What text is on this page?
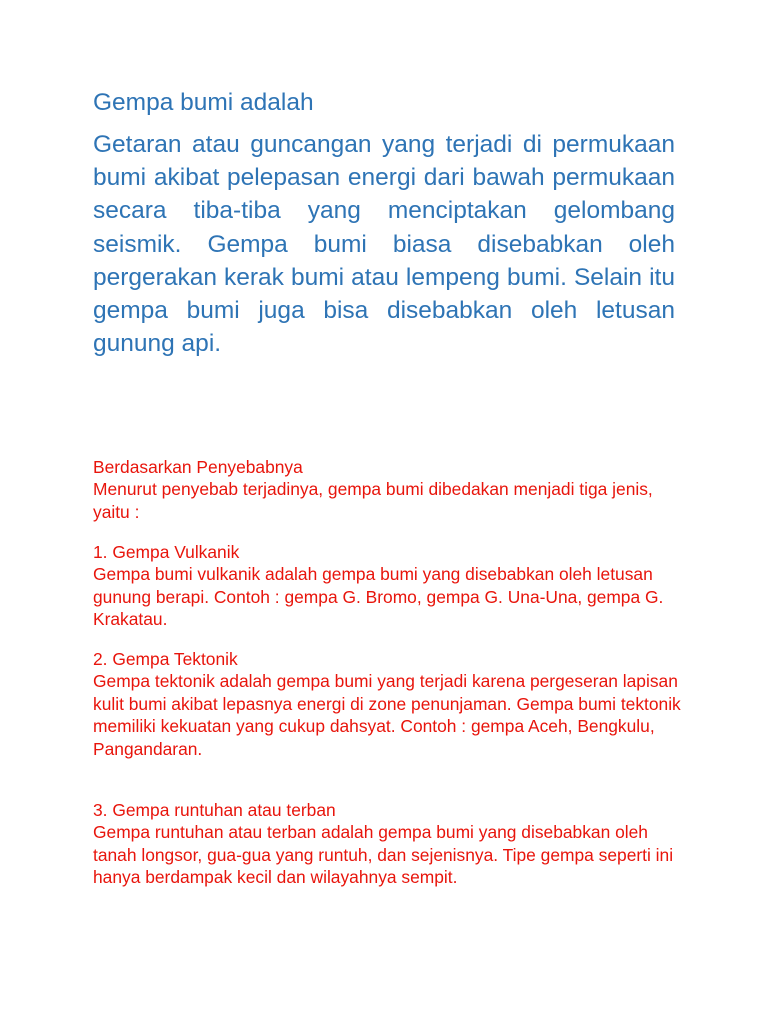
Gempa bumi adalah

Getaran atau guncangan yang terjadi di permukaan bumi akibat pelepasan energi dari bawah permukaan secara tiba-tiba yang menciptakan gelombang seismik. Gempa bumi biasa disebabkan oleh pergerakan kerak bumi atau lempeng bumi. Selain itu gempa bumi juga bisa disebabkan oleh letusan gunung api.

Berdasarkan Penyebabnya

Menurut penyebab terjadinya, gempa bumi dibedakan menjadi tiga jenis, yaitu :

1. Gempa Vulkanik

Gempa bumi vulkanik adalah gempa bumi yang disebabkan oleh letusan gunung berapi. Contoh : gempa G. Bromo, gempa G. Una-Una, gempa G. Krakatau.

2. Gempa Tektonik

Gempa tektonik adalah gempa bumi yang terjadi karena pergeseran lapisan kulit bumi akibat lepasnya energi di zone penunjaman. Gempa bumi tektonik memiliki kekuatan yang cukup dahsyat. Contoh : gempa Aceh, Bengkulu, Pangandaran.

3. Gempa runtuhan atau terban

Gempa runtuhan atau terban adalah gempa bumi yang disebabkan oleh tanah longsor, gua-gua yang runtuh, dan sejenisnya. Tipe gempa seperti ini hanya berdampak kecil dan wilayahnya sempit.
